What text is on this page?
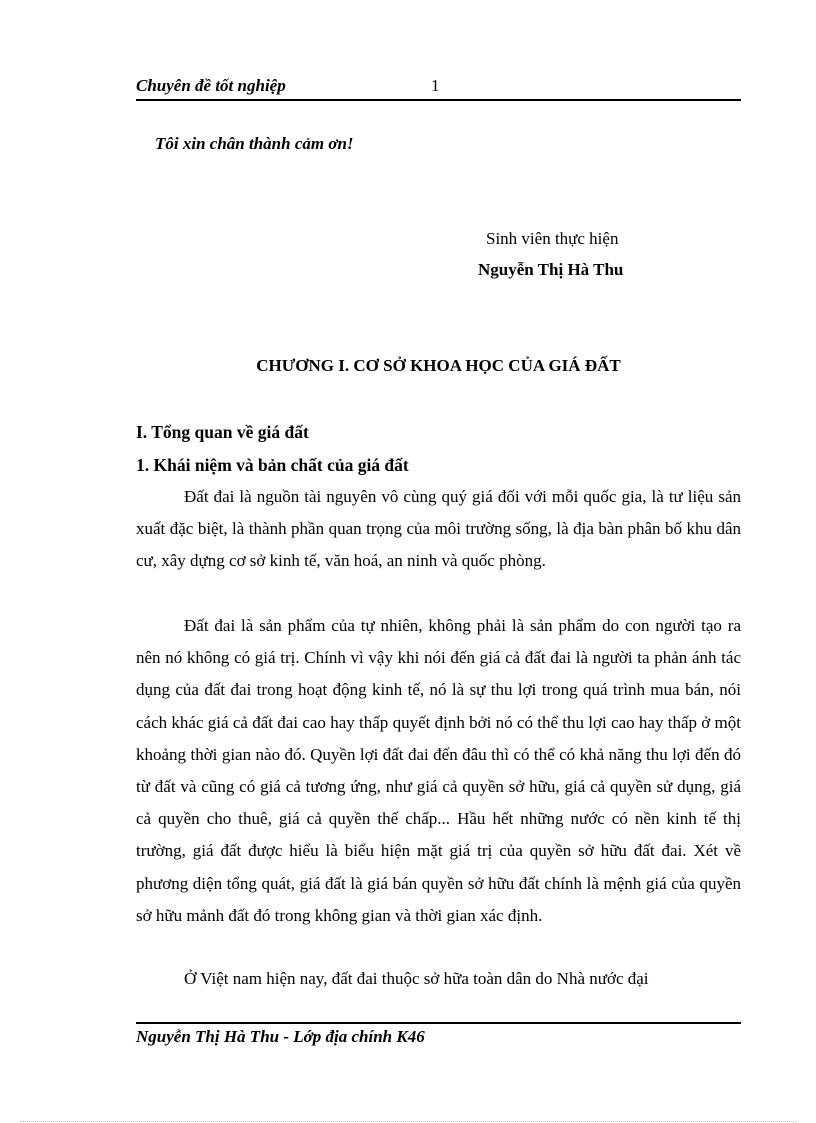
Chuyên đề tốt nghiệp	1
Tôi xin chân thành cảm ơn!
Sinh viên thực hiện
Nguyễn Thị Hà Thu
CHƯƠNG I. CƠ SỞ KHOA HỌC CỦA GIÁ ĐẤT
I. Tổng quan về giá đất
1. Khái niệm và bản chất của giá đất

Đất đai là nguồn tài nguyên vô cùng quý giá đối với mỗi quốc gia, là tư liệu sản xuất đặc biệt, là thành phần quan trọng của môi trường sống, là địa bàn phân bố khu dân cư, xây dựng cơ sở kinh tế, văn hoá, an ninh và quốc phòng.

Đất đai là sản phẩm của tự nhiên, không phải là sản phẩm do con người tạo ra nên nó không có giá trị. Chính vì vậy khi nói đến giá cả đất đai là người ta phản ánh tác dụng của đất đai trong hoạt động kinh tế, nó là sự thu lợi trong quá trình mua bán, nói cách khác giá cả đất đai cao hay thấp quyết định bởi nó có thể thu lợi cao hay thấp ở một khoảng thời gian nào đó. Quyền lợi đất đai đến đâu thì có thể có khả năng thu lợi đến đó từ đất và cũng có giá cả tương ứng, như giá cả quyền sở hữu, giá cả quyền sử dụng, giá cả quyền cho thuê, giá cả quyền thế chấp... Hầu hết những nước có nền kinh tế thị trường, giá đất được hiểu là biểu hiện mặt giá trị của quyền sở hữu đất đai. Xét về phương diện tổng quát, giá đất là giá bán quyền sở hữu đất chính là mệnh giá của quyền sở hữu mảnh đất đó trong không gian và thời gian xác định.

Ở Việt nam hiện nay, đất đai thuộc sở hữa toàn dân do Nhà nước đại

Nguyễn Thị Hà Thu - Lớp địa chính K46
